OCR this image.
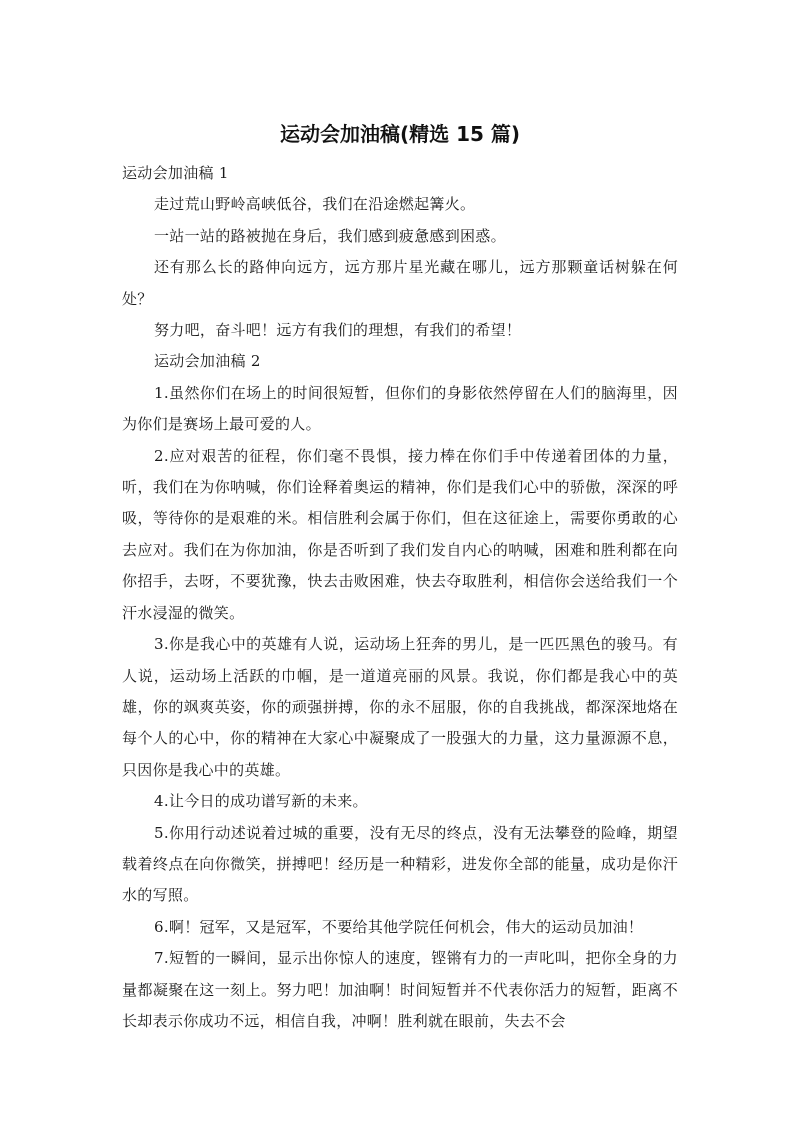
运动会加油稿(精选 15 篇)

运动会加油稿 1

走过荒山野岭高峡低谷，我们在沿途燃起篝火。

一站一站的路被抛在身后，我们感到疲惫感到困惑。

还有那么长的路伸向远方，远方那片星光藏在哪儿，远方那颗童话树躲在何处？

努力吧，奋斗吧！远方有我们的理想，有我们的希望！

运动会加油稿 2

1.虽然你们在场上的时间很短暂，但你们的身影依然停留在人们的脑海里，因为你们是赛场上最可爱的人。

2.应对艰苦的征程，你们毫不畏惧，接力棒在你们手中传递着团体的力量，听，我们在为你呐喊，你们诠释着奥运的精神，你们是我们心中的骄傲，深深的呼吸，等待你的是艰难的米。相信胜利会属于你们，但在这征途上，需要你勇敢的心去应对。我们在为你加油，你是否听到了我们发自内心的呐喊，困难和胜利都在向你招手，去呀，不要犹豫，快去击败困难，快去夺取胜利，相信你会送给我们一个汗水浸湿的微笑。

3.你是我心中的英雄有人说，运动场上狂奔的男儿，是一匹匹黑色的骏马。有人说，运动场上活跃的巾帼，是一道道亮丽的风景。我说，你们都是我心中的英雄，你的飒爽英姿，你的顽强拼搏，你的永不屈服，你的自我挑战，都深深地烙在每个人的心中，你的精神在大家心中凝聚成了一股强大的力量，这力量源源不息，只因你是我心中的英雄。

4.让今日的成功谱写新的未来。

5.你用行动述说着过城的重要，没有无尽的终点，没有无法攀登的险峰，期望载着终点在向你微笑，拼搏吧！经历是一种精彩，进发你全部的能量，成功是你汗水的写照。

6.啊！冠军，又是冠军，不要给其他学院任何机会，伟大的运动员加油！

7.短暂的一瞬间，显示出你惊人的速度，铿锵有力的一声叱叫，把你全身的力量都凝聚在这一刻上。努力吧！加油啊！时间短暂并不代表你活力的短暂，距离不长却表示你成功不远，相信自我，冲啊！胜利就在眼前，失去不会
